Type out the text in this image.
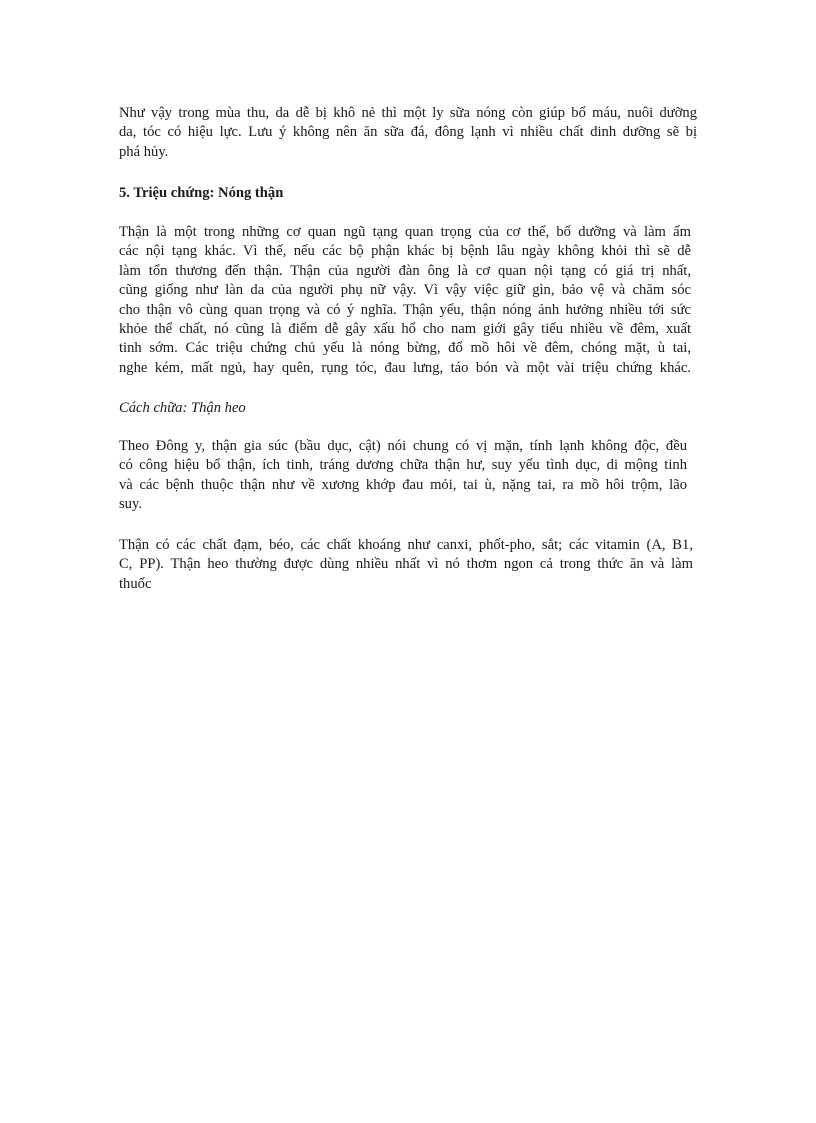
Như vậy trong mùa thu, da dễ bị khô nẻ thì một ly sữa nóng còn giúp bổ máu, nuôi dưỡng
da, tóc có hiệu lực. Lưu ý không nên ăn sữa đá, đông lạnh vì nhiều chất dinh dưỡng sẽ bị
phá hủy.
5. Triệu chứng: Nóng thận
Thận là một trong những cơ quan ngũ tạng quan trọng của cơ thể, bổ dưỡng và làm ấm
các nội tạng khác. Vì thế, nếu các bộ phận khác bị bệnh lâu ngày không khỏi thì sẽ dễ
làm tổn thương đến thận. Thận của người đàn ông là cơ quan nội tạng có giá trị nhất,
cũng giống như làn da của người phụ nữ vậy. Vì vậy việc giữ gìn, bảo vệ và chăm sóc
cho thận vô cùng quan trọng và có ý nghĩa. Thận yếu, thận nóng ảnh hưởng nhiều tới sức
khỏe thể chất, nó cũng là điểm dễ gây xấu hổ cho nam giới gây tiểu nhiều về đêm, xuất
tinh sớm. Các triệu chứng chủ yếu là nóng bừng, đổ mồ hôi về đêm, chóng mặt, ù tai,
nghe kém, mất ngủ, hay quên, rụng tóc, đau lưng, táo bón và một vài triệu chứng khác.
Cách chữa: Thận heo
Theo Đông y, thận gia súc (bầu dục, cật) nói chung có vị mặn, tính lạnh không độc, đều
có công hiệu bổ thận, ích tinh, tráng dương chữa thận hư, suy yếu tình dục, di mộng tinh
và các bệnh thuộc thận như về xương khớp đau mỏi, tai ù, nặng tai, ra mồ hôi trộm, lão
suy.
Thận có các chất đạm, béo, các chất khoáng như canxi, phốt-pho, sắt; các vitamin (A, B1,
C, PP). Thận heo thường được dùng nhiều nhất vì nó thơm ngon cả trong thức ăn và làm
thuốc
